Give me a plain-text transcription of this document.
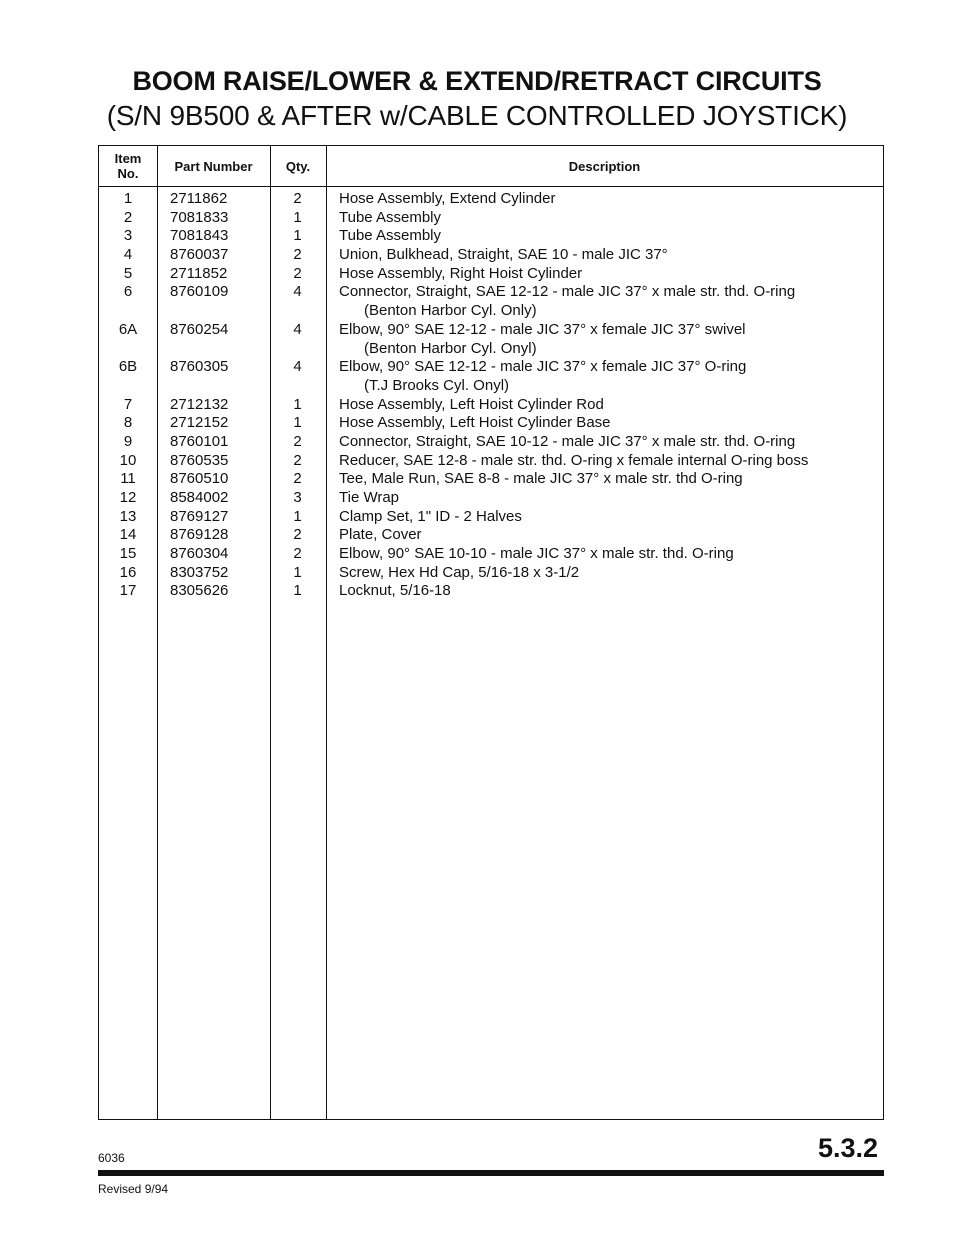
BOOM RAISE/LOWER & EXTEND/RETRACT CIRCUITS
(S/N 9B500 & AFTER w/CABLE CONTROLLED JOYSTICK)
Item
No.	Part Number	Qty.	Description
1	2711862	2	Hose Assembly, Extend Cylinder
2	7081833	1	Tube Assembly
3	7081843	1	Tube Assembly
4	8760037	2	Union, Bulkhead, Straight, SAE 10 - male JIC 37°
5	2711852	2	Hose Assembly, Right Hoist Cylinder
6	8760109	4	Connector, Straight, SAE 12-12 - male JIC 37° x male str. thd. O-ring
(Benton Harbor Cyl. Only)
6A	8760254	4	Elbow, 90° SAE 12-12 - male JIC 37° x female JIC 37° swivel
(Benton Harbor Cyl. Onyl)
6B	8760305	4	Elbow, 90° SAE 12-12 - male JIC 37° x female JIC 37° O-ring
(T.J Brooks Cyl. Onyl)
7	2712132	1	Hose Assembly, Left Hoist Cylinder Rod
8	2712152	1	Hose Assembly, Left Hoist Cylinder Base
9	8760101	2	Connector, Straight, SAE 10-12 - male JIC 37° x male str. thd. O-ring
10	8760535	2	Reducer, SAE 12-8 - male str. thd. O-ring x female internal O-ring boss
11	8760510	2	Tee, Male Run, SAE 8-8 - male JIC 37° x male str. thd O-ring
12	8584002	3	Tie Wrap
13	8769127	1	Clamp Set, 1" ID - 2 Halves
14	8769128	2	Plate, Cover
15	8760304	2	Elbow, 90° SAE 10-10 - male JIC 37° x male str. thd. O-ring
16	8303752	1	Screw, Hex Hd Cap, 5/16-18 x 3-1/2
17	8305626	1	Locknut, 5/16-18
6036	5.3.2
Revised 9/94
